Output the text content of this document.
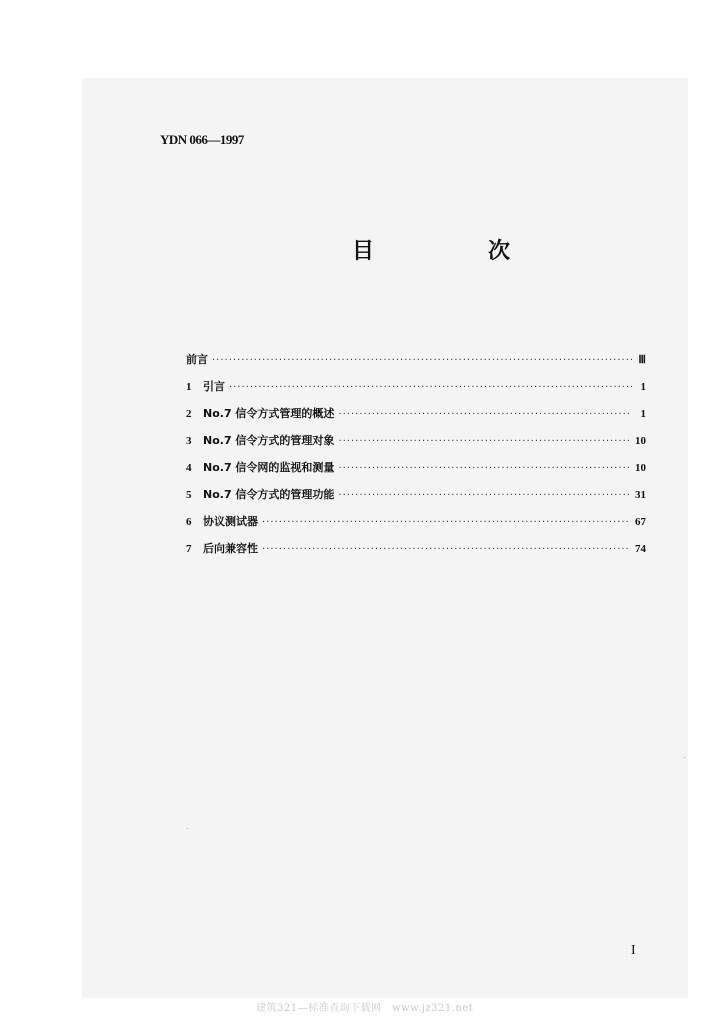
YDN 066—1997
目　次
前言 ·····	Ⅲ
1	引言 ·····	1
2	No.7 信令方式管理的概述 ·····	1
3	No.7 信令方式的管理对象 ·····	10
4	No.7 信令网的监视和测量 ·····	10
5	No.7 信令方式的管理功能 ·····	31
6	协议测试器 ·····	67
7	后向兼容性 ·····	74
I
建筑321—标准查询下载网　www.jz321.net
